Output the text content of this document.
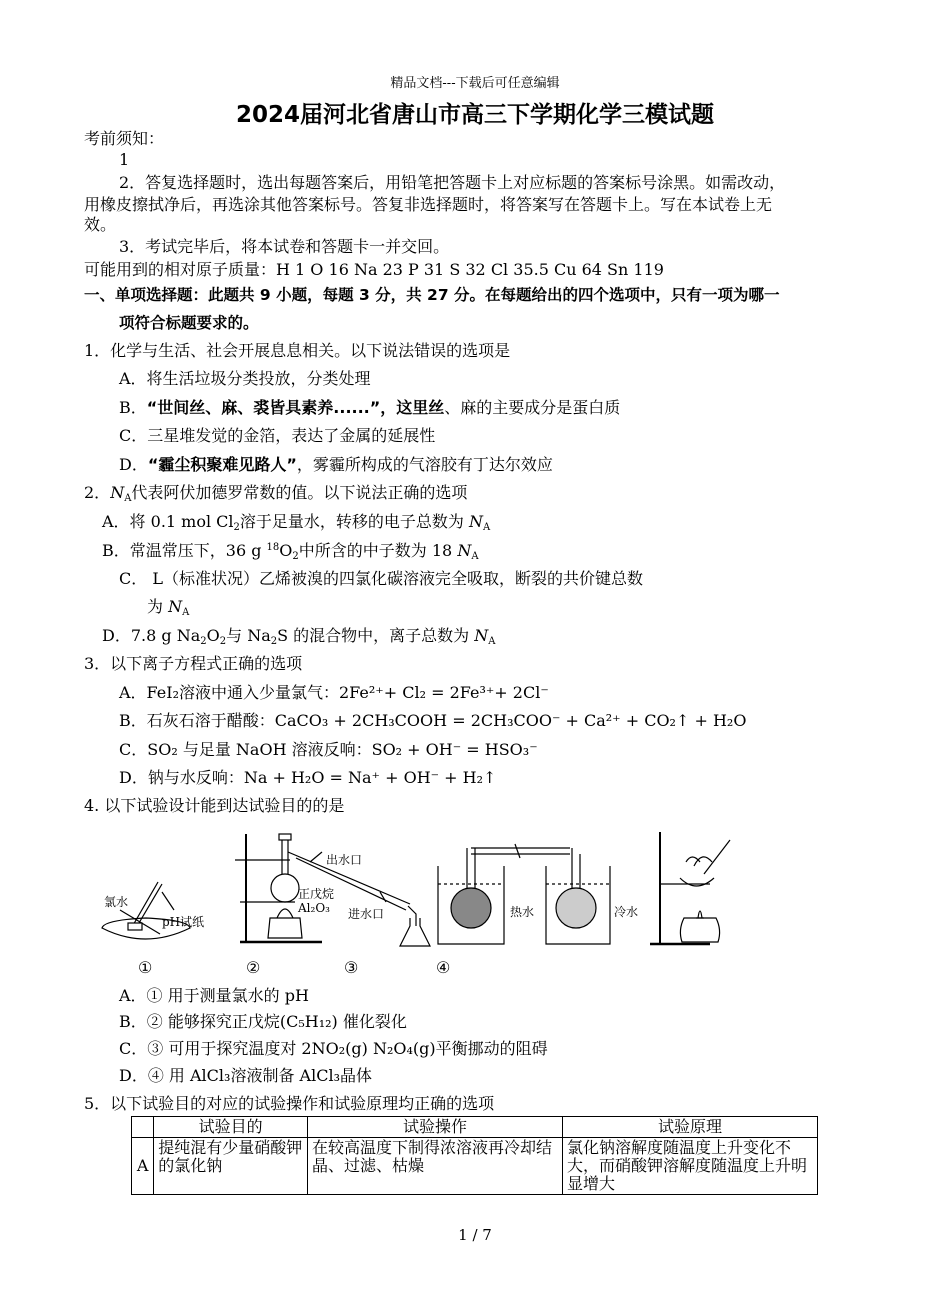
精品文档---下载后可任意编辑
2024届河北省唐山市高三下学期化学三模试题
考前须知：
1
2．答复选择题时，选出每题答案后，用铅笔把答题卡上对应标题的答案标号涂黑。如需改动，
用橡皮擦拭净后，再选涂其他答案标号。答复非选择题时，将答案写在答题卡上。写在本试卷上无
效。
3．考试完毕后，将本试卷和答题卡一并交回。
可能用到的相对原子质量：H 1 O 16 Na 23 P 31 S 32 Cl 35.5 Cu 64 Sn 119
一、单项选择题：此题共 9 小题，每题 3 分，共 27 分。在每题给出的四个选项中，只有一项为哪一
项符合标题要求的。
1．化学与生活、社会开展息息相关。以下说法错误的选项是
A．将生活垃圾分类投放，分类处理
B．“世间丝、麻、裘皆具素养......”，这里丝、麻的主要成分是蛋白质
C．三星堆发觉的金箔，表达了金属的延展性
D．“霾尘积聚难见路人”，雾霾所构成的气溶胶有丁达尔效应
2．$N_A$代表阿伏加德罗常数的值。以下说法正确的选项
A．将 0.1 mol $Cl_2$溶于足量水，转移的电子总数为 $N_A$
B．常温常压下，36 g $^{18}O_2$中所含的中子数为 18 $N_A$
C． L（标准状况）乙烯被溴的四氯化碳溶液完全吸取，断裂的共价键总数
为 $N_A$
D．7.8 g $Na_2O_2$与 $Na_2S$ 的混合物中，离子总数为 $N_A$
3．以下离子方程式正确的选项
A．FeI₂溶液中通入少量氯气：2Fe²⁺+ Cl₂ = 2Fe³⁺+ 2Cl⁻
B．石灰石溶于醋酸：CaCO₃ + 2CH₃COOH = 2CH₃COO⁻ + Ca²⁺ + CO₂↑ + H₂O
C．SO₂ 与足量 NaOH 溶液反响：SO₂ + OH⁻ = HSO₃⁻
D．钠与水反响：Na + H₂O = Na⁺ + OH⁻ + H₂↑
4. 以下试验设计能到达试验目的的是
氯水
pH试纸
出水口
正戊烷
Al₂O₃ 进水口	热水	冷水
①	②	③	④
A．① 用于测量氯水的 pH
B．② 能够探究正戊烷(C₅H₁₂) 催化裂化
C．③ 可用于探究温度对 2NO₂(g) N₂O₄(g)平衡挪动的阻碍
D．④ 用 AlCl₃溶液制备 AlCl₃晶体
5．以下试验目的对应的试验操作和试验原理均正确的选项
	试验目的	试验操作	试验原理
A	提纯混有少量硝酸钾的氯化钠	在较高温度下制得浓溶液再冷却结晶、过滤、枯燥	氯化钠溶解度随温度上升变化不大，而硝酸钾溶解度随温度上升明显增大
1 / 7
